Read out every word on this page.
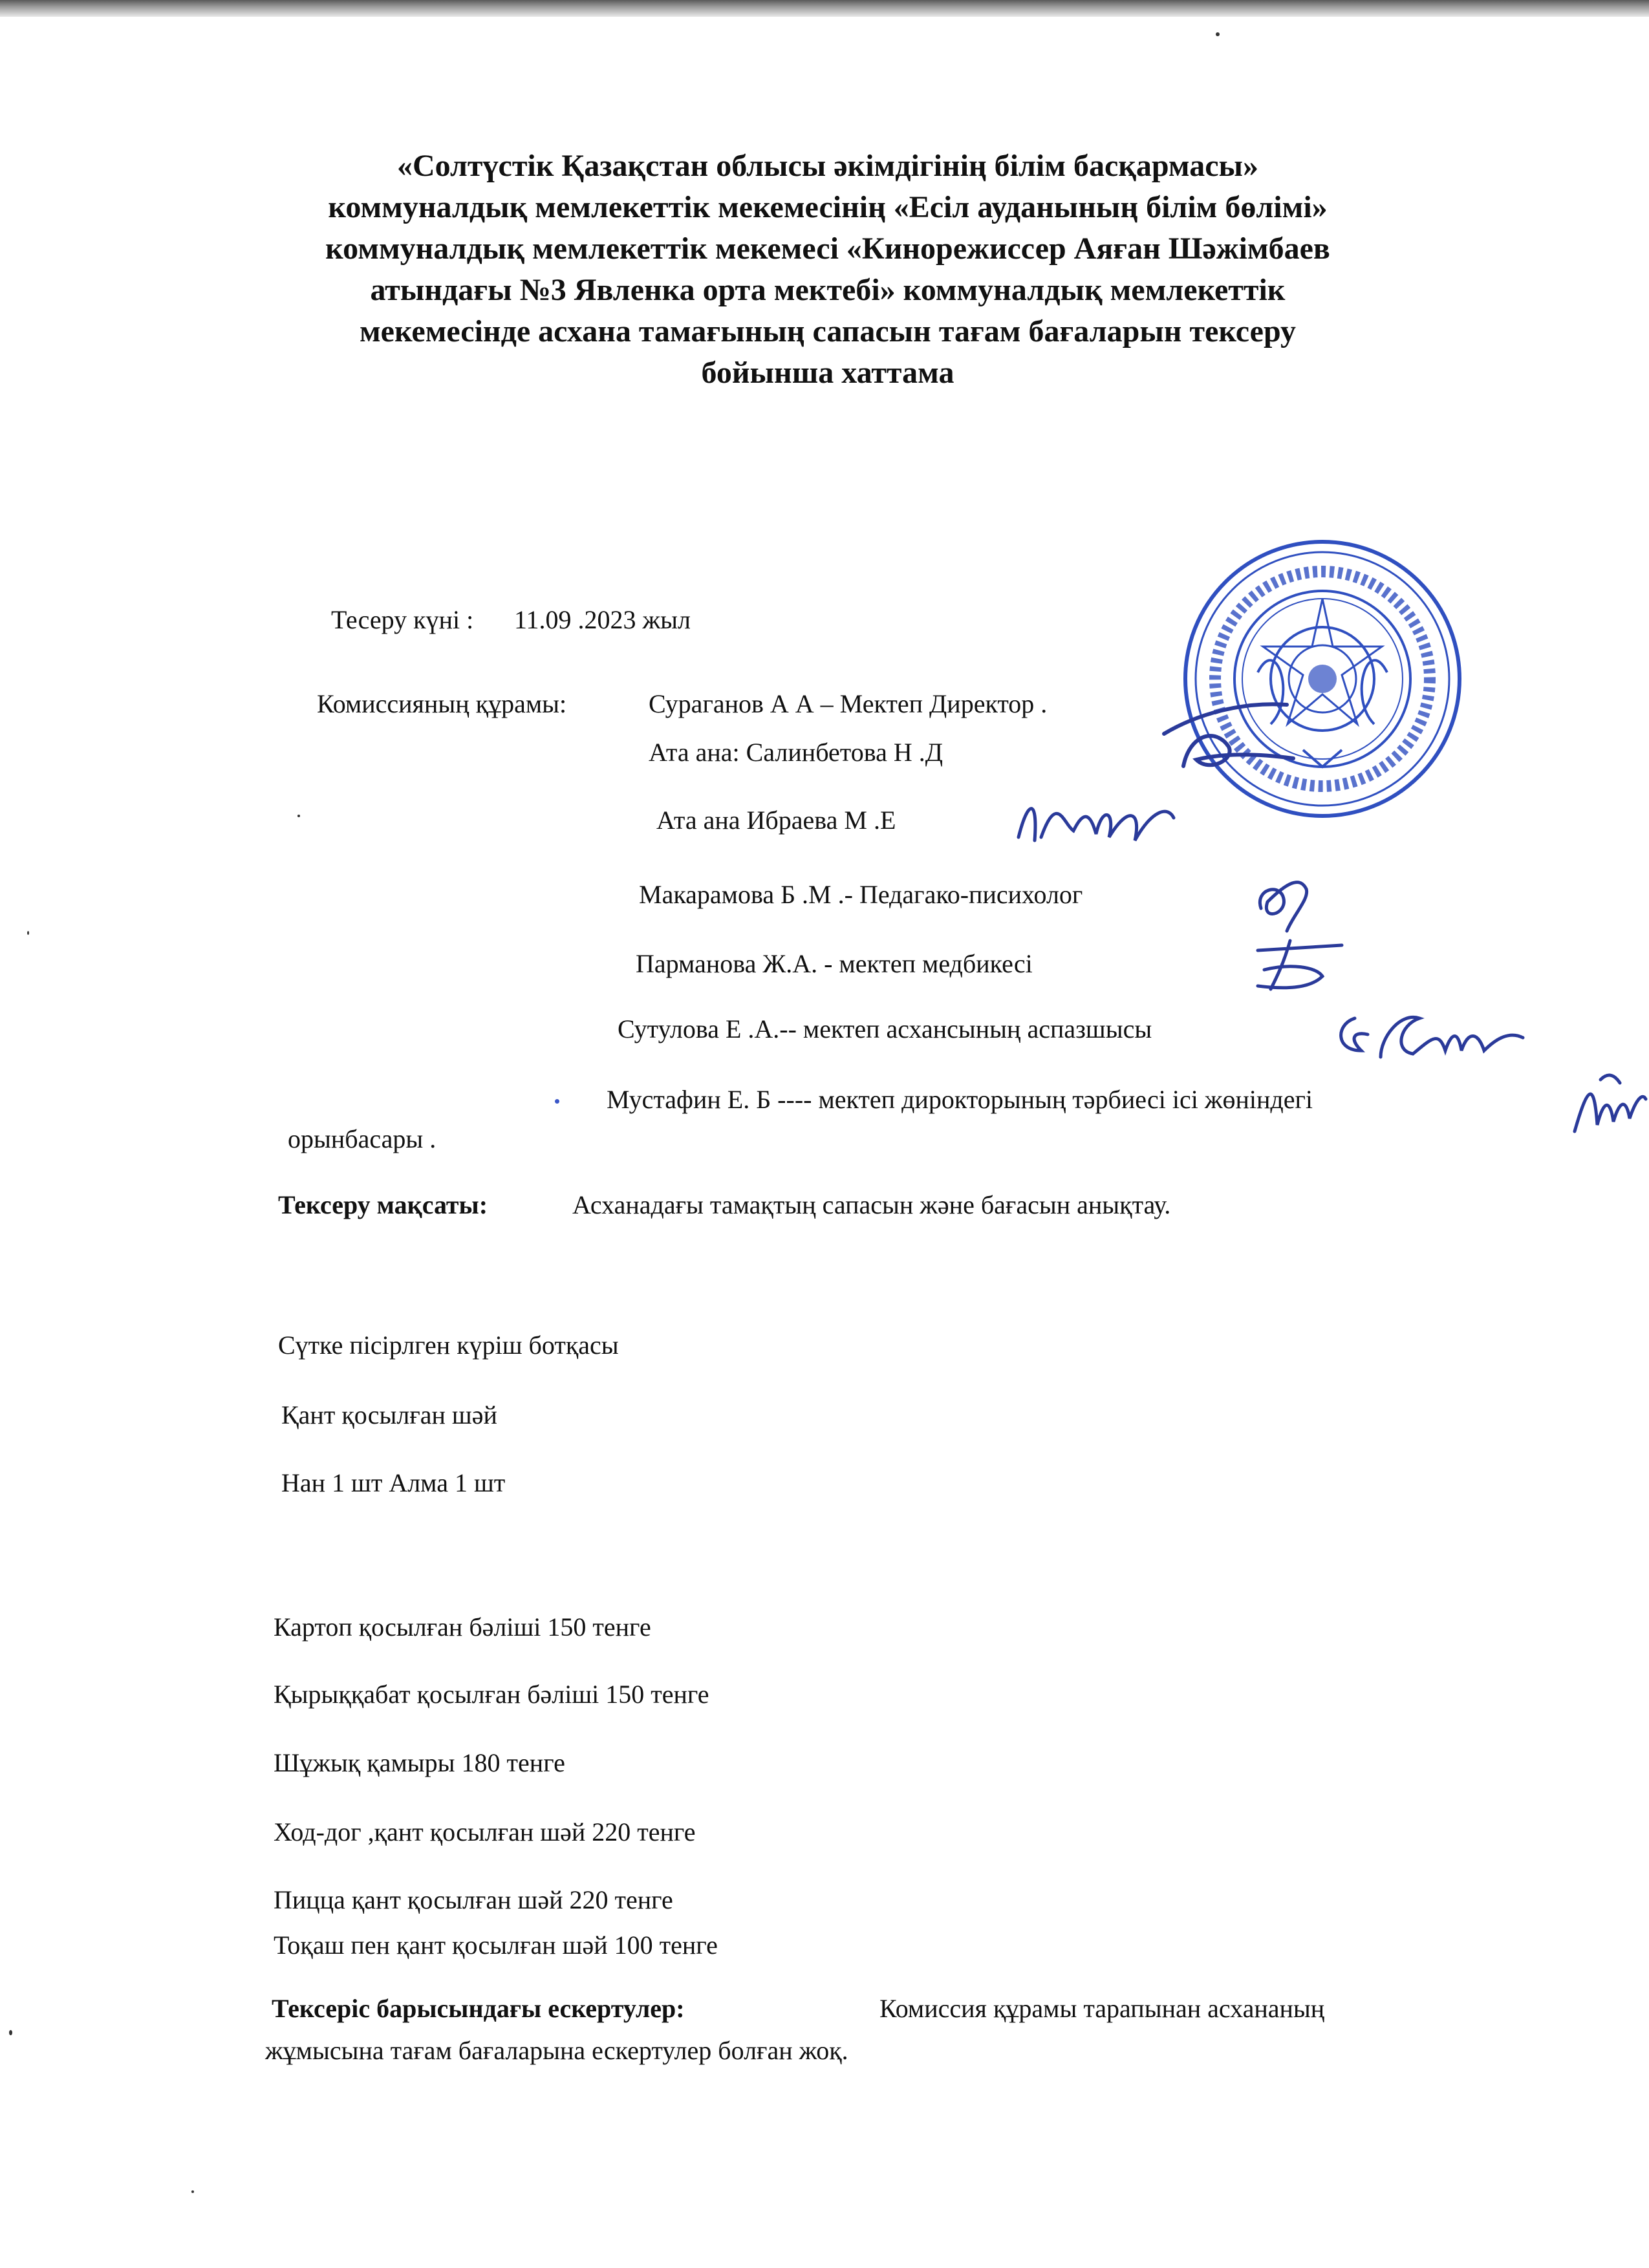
«Солтүстік Қазақстан облысы әкімдігінің білім басқармасы»
коммуналдық мемлекеттік мекемесінің «Есіл ауданының білім бөлімі»
коммуналдық мемлекеттік мекемесі «Кинорежиссер Аяған Шәжімбаев
атындағы №3 Явленка орта мектебі» коммуналдық мемлекеттік
мекемесінде асхана тамағының сапасын тағам бағаларын тексеру
бойынша хаттама
Тесеру күні : 11.09 .2023 жыл
Комиссияның құрамы:	Сураганов А А – Мектеп Директор .
Ата ана: Салинбетова Н .Д
Ата ана Ибраева М .Е
Макарамова Б .М .- Педагако-писихолог
Парманова Ж.А. - мектеп медбикесі
Сутулова Е .А.-- мектеп асхансының аспазшысы
Мустафин Е. Б ---- мектеп дирокторының тәрбиесі ісі жөніндегі
орынбасары .
Тексеру мақсаты:	Асханадағы тамақтың сапасын және бағасын анықтау.
Сүтке пісірлген күріш ботқасы
Қант қосылған шәй
Нан 1 шт Алма 1 шт
Картоп қосылған бәліші 150 тенге
Қырыққабат қосылған бәліші 150 тенге
Шұжық қамыры 180 тенге
Ход-дог ,қант қосылған шәй 220 тенге
Пицца қант қосылған шәй 220 тенге
Тоқаш пен қант қосылған шәй 100 тенге
Тексеріс барысындағы ескертулер:	Комиссия құрамы тарапынан асхананың
жұмысына тағам бағаларына ескертулер болған жоқ.
